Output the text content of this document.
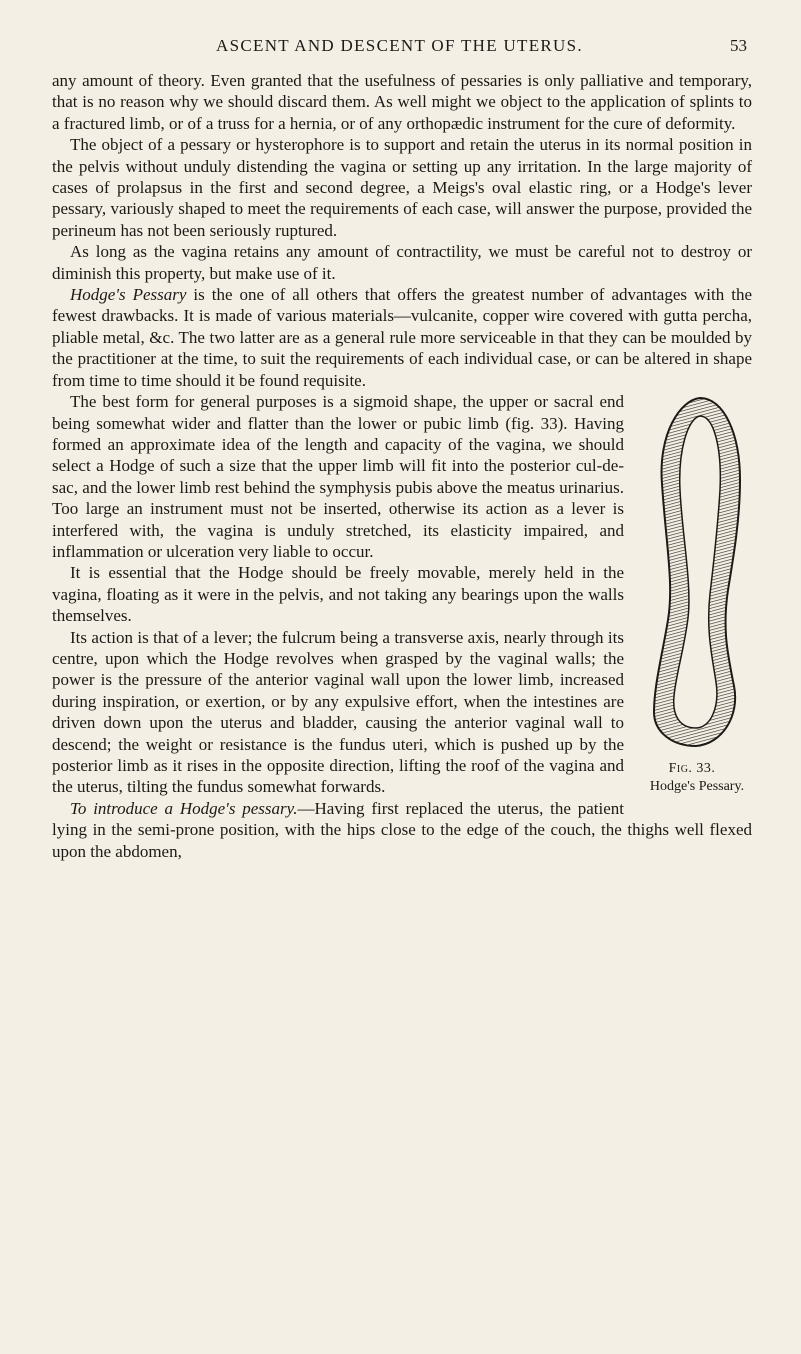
ASCENT AND DESCENT OF THE UTERUS.	53

any amount of theory. Even granted that the usefulness of pessaries is only palliative and temporary, that is no reason why we should discard them. As well might we object to the application of splints to a fractured limb, or of a truss for a hernia, or of any orthopædic instrument for the cure of deformity.

The object of a pessary or hysterophore is to support and retain the uterus in its normal position in the pelvis without unduly distending the vagina or setting up any irritation. In the large majority of cases of prolapsus in the first and second degree, a Meigs's oval elastic ring, or a Hodge's lever pessary, variously shaped to meet the requirements of each case, will answer the purpose, provided the perineum has not been seriously ruptured.

As long as the vagina retains any amount of contractility, we must be careful not to destroy or diminish this property, but make use of it.

Hodge's Pessary is the one of all others that offers the greatest number of advantages with the fewest drawbacks. It is made of various materials—vulcanite, copper wire covered with gutta percha, pliable metal, &c. The two latter are as a general rule more serviceable in that they can be moulded by the practitioner at the time, to suit the requirements of each individual case, or can be altered in shape from time to time should it be found requisite.

Fig. 33.
Hodge's Pessary.

The best form for general purposes is a sigmoid shape, the upper or sacral end being somewhat wider and flatter than the lower or pubic limb (fig. 33). Having formed an approximate idea of the length and capacity of the vagina, we should select a Hodge of such a size that the upper limb will fit into the posterior cul-de-sac, and the lower limb rest behind the symphysis pubis above the meatus urinarius. Too large an instrument must not be inserted, otherwise its action as a lever is interfered with, the vagina is unduly stretched, its elasticity impaired, and inflammation or ulceration very liable to occur.

It is essential that the Hodge should be freely movable, merely held in the vagina, floating as it were in the pelvis, and not taking any bearings upon the walls themselves.

Its action is that of a lever; the fulcrum being a transverse axis, nearly through its centre, upon which the Hodge revolves when grasped by the vaginal walls; the power is the pressure of the anterior vaginal wall upon the lower limb, increased during inspiration, or exertion, or by any expulsive effort, when the intestines are driven down upon the uterus and bladder, causing the anterior vaginal wall to descend; the weight or resistance is the fundus uteri, which is pushed up by the posterior limb as it rises in the opposite direction, lifting the roof of the vagina and the uterus, tilting the fundus somewhat forwards.

To introduce a Hodge's pessary.—Having first replaced the uterus, the patient lying in the semi-prone position, with the hips close to the edge of the couch, the thighs well flexed upon the abdomen,
